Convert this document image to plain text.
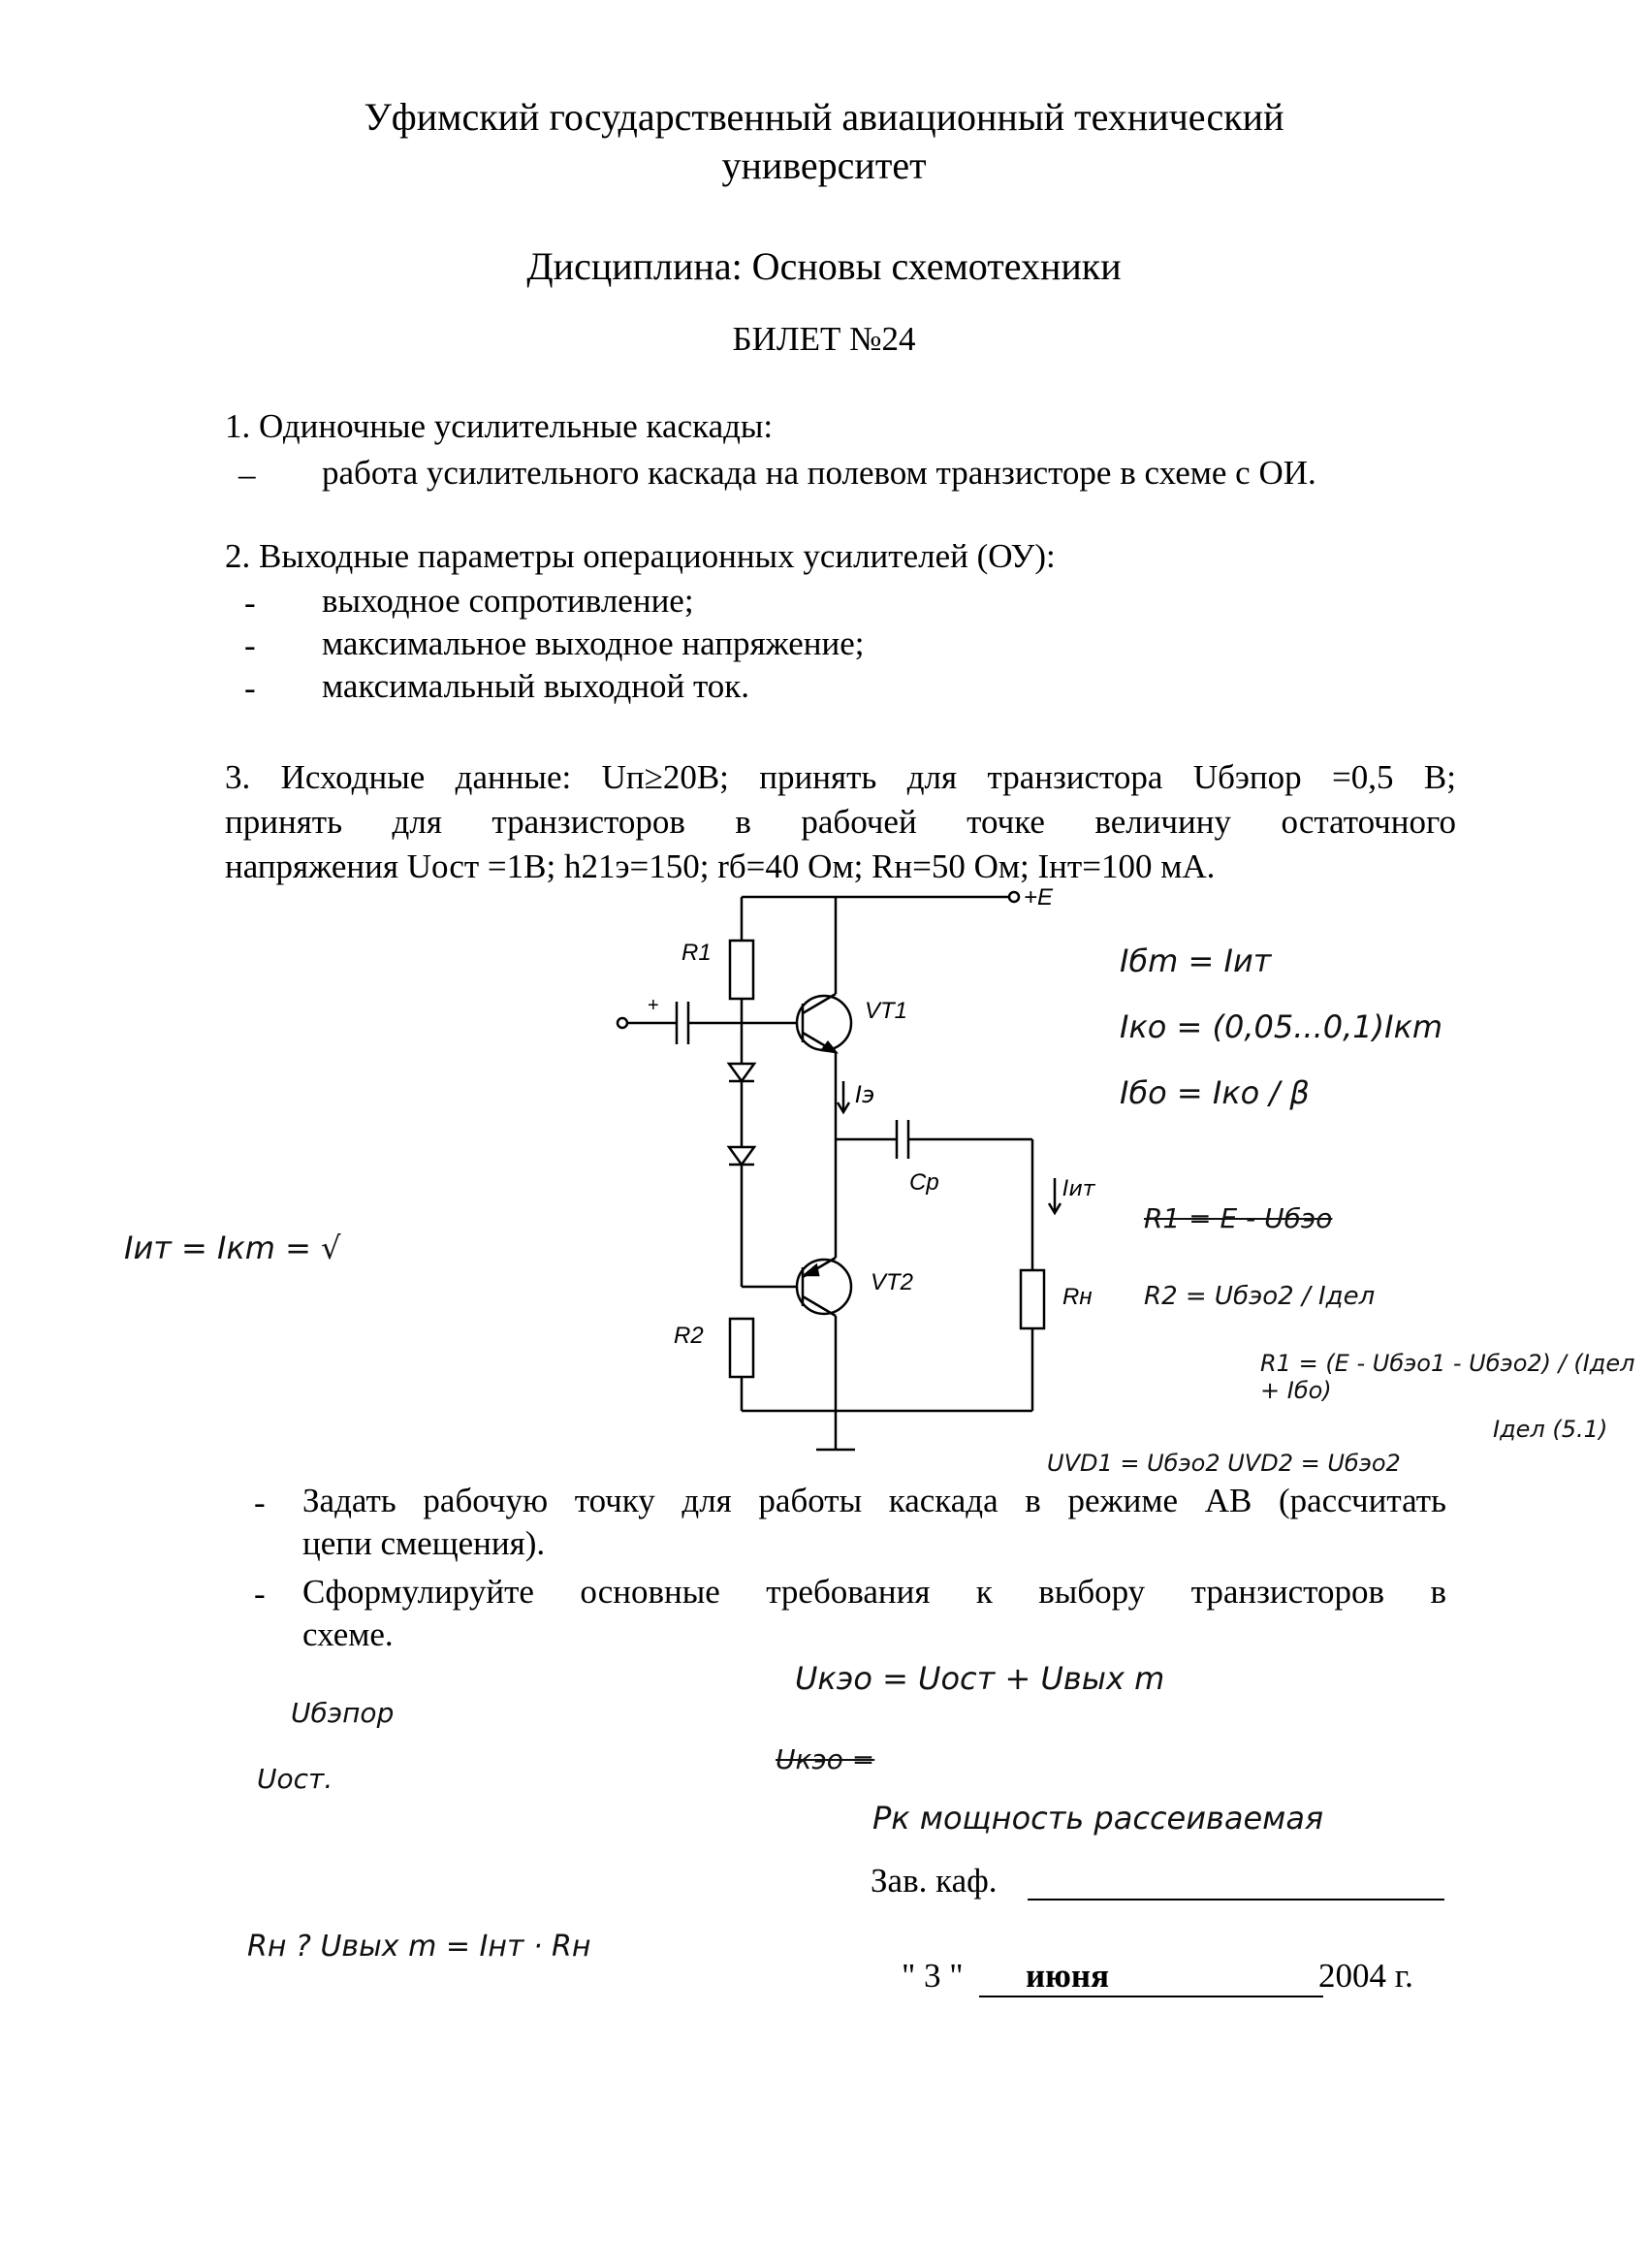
Уфимский государственный авиационный технический
университет
Дисциплина: Основы схемотехники
БИЛЕТ №24
1. Одиночные усилительные каскады:
– работа усилительного каскада на полевом транзисторе в схеме с ОИ.
2. Выходные параметры операционных усилителей (ОУ):
- выходное сопротивление;
- максимальное выходное напряжение;
- максимальный выходной ток.
3. Исходные данные: Uп≥20В; принять для транзистора Uбэпор =0,5 В;
принять для транзисторов в рабочей точке величину остаточного
напряжения Uост =1В; h21э=150; rб=40 Ом; Rн=50 Ом; Iнт=100 мА.
+E
R1
+	VT1
Iэ
Cp	Iит
VT2
R2
Rн
- Задать рабочую точку для работы каскада в режиме АВ (рассчитать
цепи смещения).
- Сформулируйте основные требования к выбору транзисторов в
схеме.
Зав. каф.
" 3 " июня	2004 г.
Iбm = Iит
Iко = (0,05...0,1)Iкm
Iбо = Iко / β
Iит = Iкm = √
R1 = E - Uбэо
R2 = Uбэо2 / Iдел
R1 = (E - Uбэо1 - Uбэо2) / (Iдел + Iбо)
Iдел (5.1)
UVD1 = Uбэо2 UVD2 = Uбэо2
Uкэо = Uост + Uвых m
Uкэо =
Рк мощность рассеиваемая
Uбэпор
Uост.
Rн ? Uвых m = Iнт · Rн
